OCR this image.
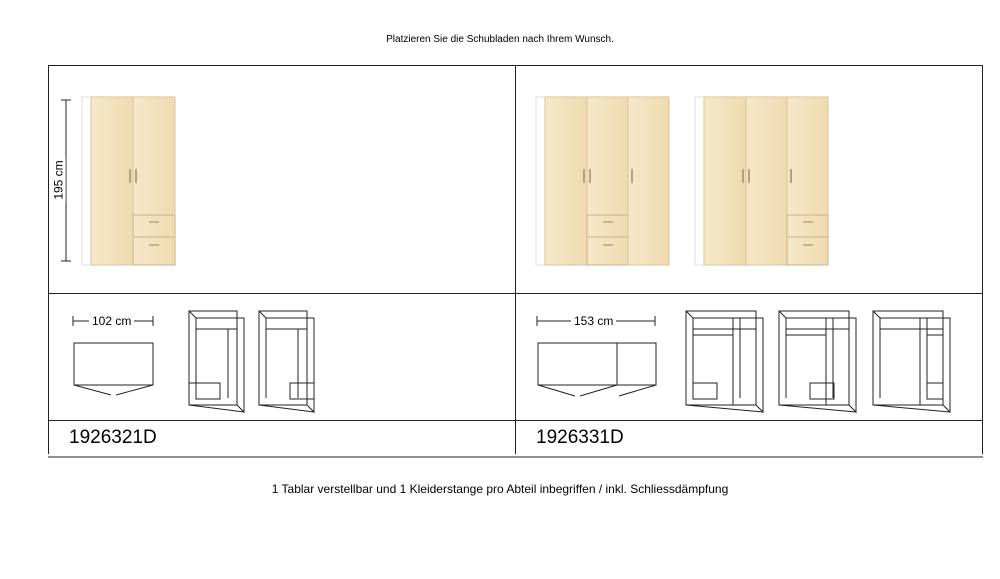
Platzieren Sie die Schubladen nach Ihrem Wunsch.
195 cm
102 cm	153 cm
1926321D	1926331D
1 Tablar verstellbar und 1 Kleiderstange pro Abteil inbegriffen / inkl. Schliessdämpfung
